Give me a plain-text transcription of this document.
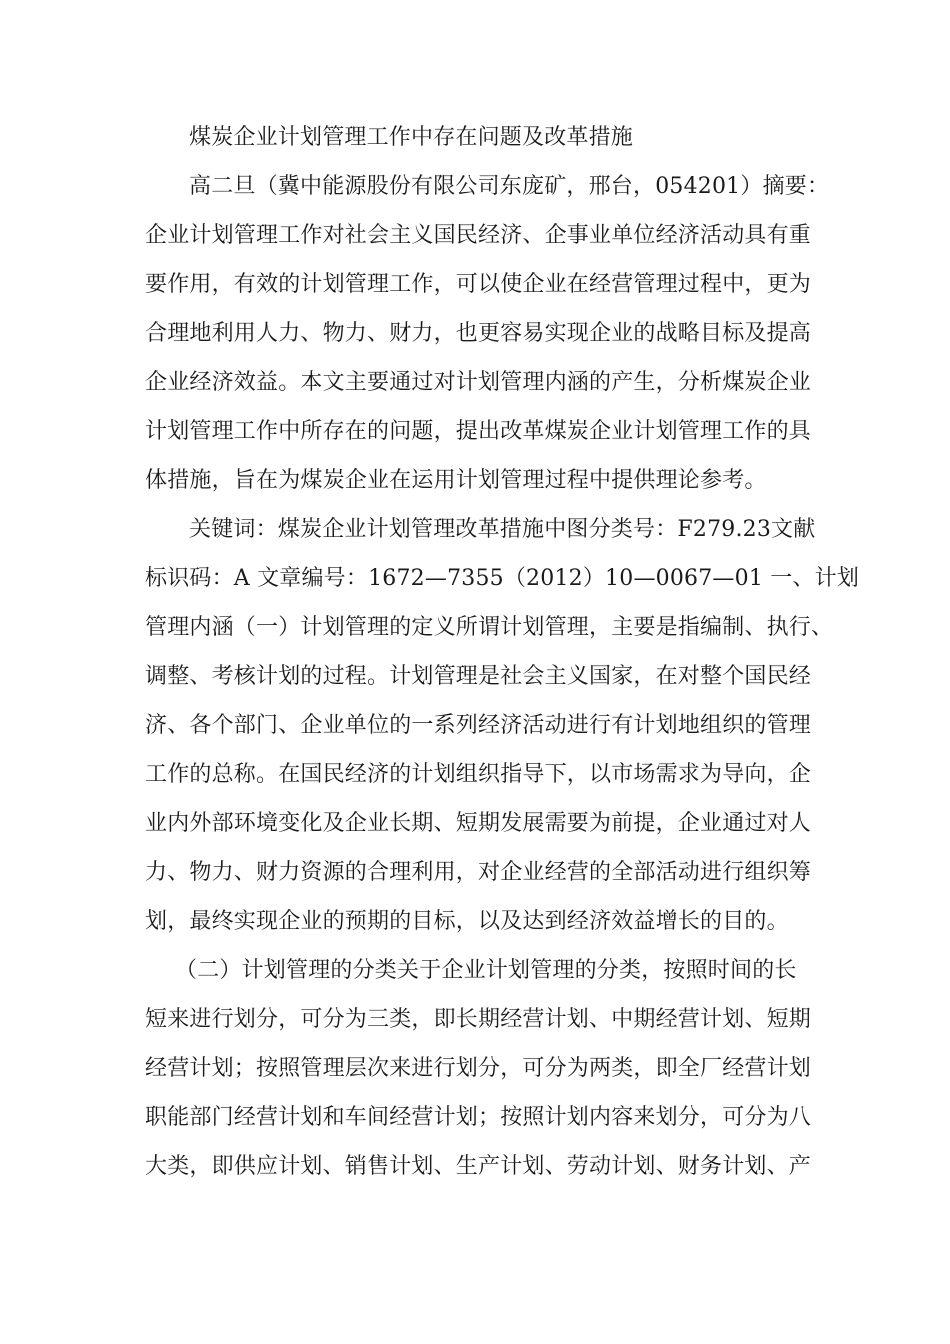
煤炭企业计划管理工作中存在问题及改革措施
高二旦（冀中能源股份有限公司东庞矿，邢台，054201）摘要：
企业计划管理工作对社会主义国民经济、企事业单位经济活动具有重
要作用，有效的计划管理工作，可以使企业在经营管理过程中，更为
合理地利用人力、物力、财力，也更容易实现企业的战略目标及提高
企业经济效益。本文主要通过对计划管理内涵的产生，分析煤炭企业
计划管理工作中所存在的问题，提出改革煤炭企业计划管理工作的具
体措施，旨在为煤炭企业在运用计划管理过程中提供理论参考。
关键词：煤炭企业计划管理改革措施中图分类号：F279.23文献
标识码：A 文章编号：1672—7355（2012）10—0067—01 一、计划
管理内涵（一）计划管理的定义所谓计划管理，主要是指编制、执行、
调整、考核计划的过程。计划管理是社会主义国家，在对整个国民经
济、各个部门、企业单位的一系列经济活动进行有计划地组织的管理
工作的总称。在国民经济的计划组织指导下，以市场需求为导向，企
业内外部环境变化及企业长期、短期发展需要为前提，企业通过对人
力、物力、财力资源的合理利用，对企业经营的全部活动进行组织筹
划，最终实现企业的预期的目标，以及达到经济效益增长的目的。
（二）计划管理的分类关于企业计划管理的分类，按照时间的长
短来进行划分，可分为三类，即长期经营计划、中期经营计划、短期
经营计划；按照管理层次来进行划分，可分为两类，即全厂经营计划
职能部门经营计划和车间经营计划；按照计划内容来划分，可分为八
大类，即供应计划、销售计划、生产计划、劳动计划、财务计划、产
